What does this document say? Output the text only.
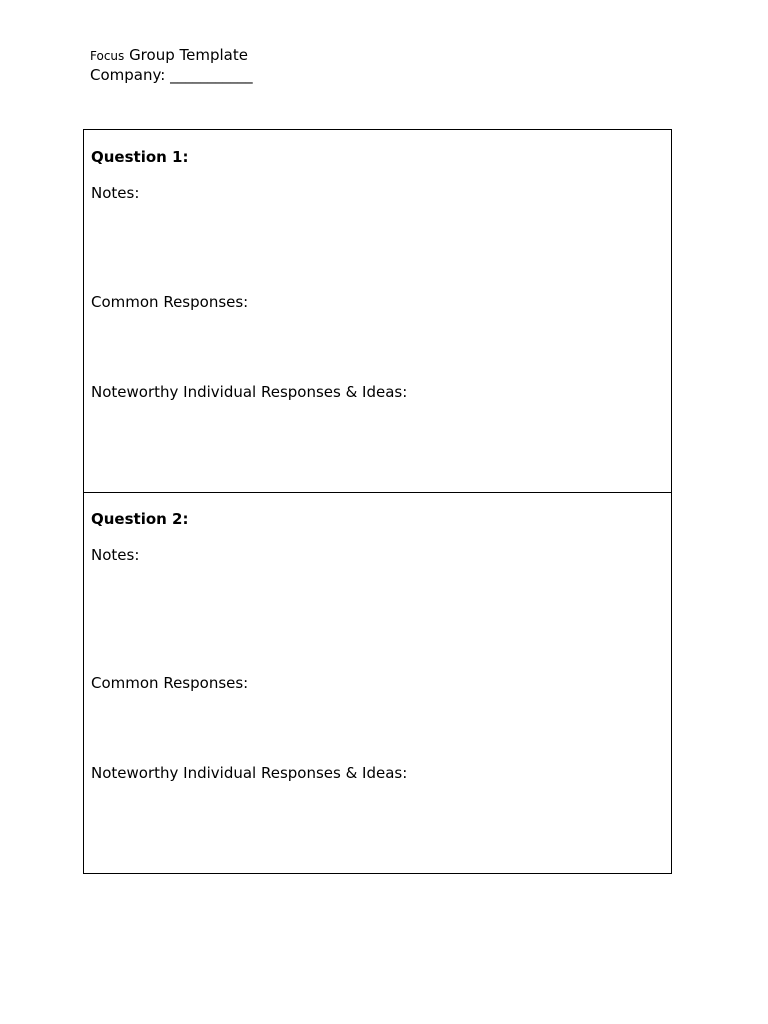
Focus Group Template
Company: ___________
Question 1:
Notes:
Common Responses:
Noteworthy Individual Responses & Ideas:
Question 2:
Notes:
Common Responses:
Noteworthy Individual Responses & Ideas:
